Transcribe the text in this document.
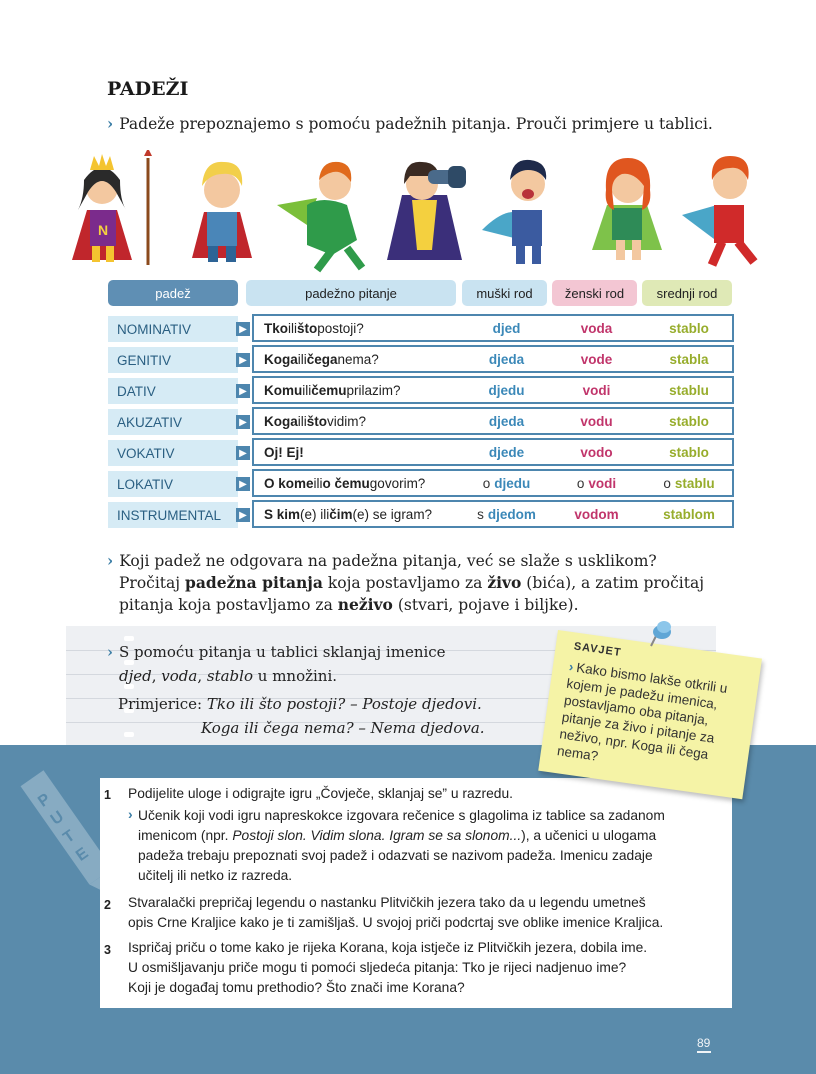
PADEŽI
› Padeže prepoznajemo s pomoću padežnih pitanja. Prouči primjere u tablici.
N
padež	padežno pitanje	muški rod	ženski rod	srednji rod
NOMINATIV	▶ Tko ili što postoji?	djed	voda	stablo
GENITIV	▶ Koga ili čega nema?	djeda	vode	stabla
DATIV	▶ Komu ili čemu prilazim?	djedu	vodi	stablu
AKUZATIV	▶ Koga ili što vidim?	djeda	vodu	stablo
VOKATIV	▶ Oj! Ej!	djede	vodo	stablo
LOKATIV	▶ O kome ili o čemu govorim?	o djedu	o vodi	o stablu
INSTRUMENTAL	▶ S kim (e) ili čim (e) se igram?	s djedom	vodom	stablom
› Koji padež ne odgovara na padežna pitanja, već se slaže s usklikom?
Pročitaj padežna pitanja koja postavljamo za živo (bića), a zatim pročitaj
pitanja koja postavljamo za neživo (stvari, pojave i biljke).
› S pomoću pitanja u tablici sklanjaj imenice
djed, voda, stablo u množini.
Primjerice: Tko ili što postoji? – Postoje djedovi.
Koga ili čega nema? – Nema djedova.
P
U
T
E
1 Podijelite uloge i odigrajte igru „Čovječe, sklanjaj se” u razredu.
› Učenik koji vodi igru napreskokce izgovara rečenice s glagolima iz tablice sa zadanom
imenicom (npr. Postoji slon. Vidim slona. Igram se sa slonom...), a učenici u ulogama
padeža trebaju prepoznati svoj padež i odazvati se nazivom padeža. Imenicu zadaje
učitelj ili netko iz razreda.
2 Stvaralački prepričaj legendu o nastanku Plitvičkih jezera tako da u legendu umetneš
opis Crne Kraljice kako je ti zamišljaš. U svojoj priči podcrtaj sve oblike imenice Kraljica.
3 Ispričaj priču o tome kako je rijeka Korana, koja istječe iz Plitvičkih jezera, dobila ime.
U osmišljavanju priče mogu ti pomoći sljedeća pitanja: Tko je rijeci nadjenuo ime?
Koji je događaj tomu prethodio? Što znači ime Korana?
SAVJET
›Kako bismo lakše otkrili u kojem je padežu imenica, postavljamo oba pitanja, pitanje za živo i pitanje za neživo, npr. Koga ili čega nema?
89
